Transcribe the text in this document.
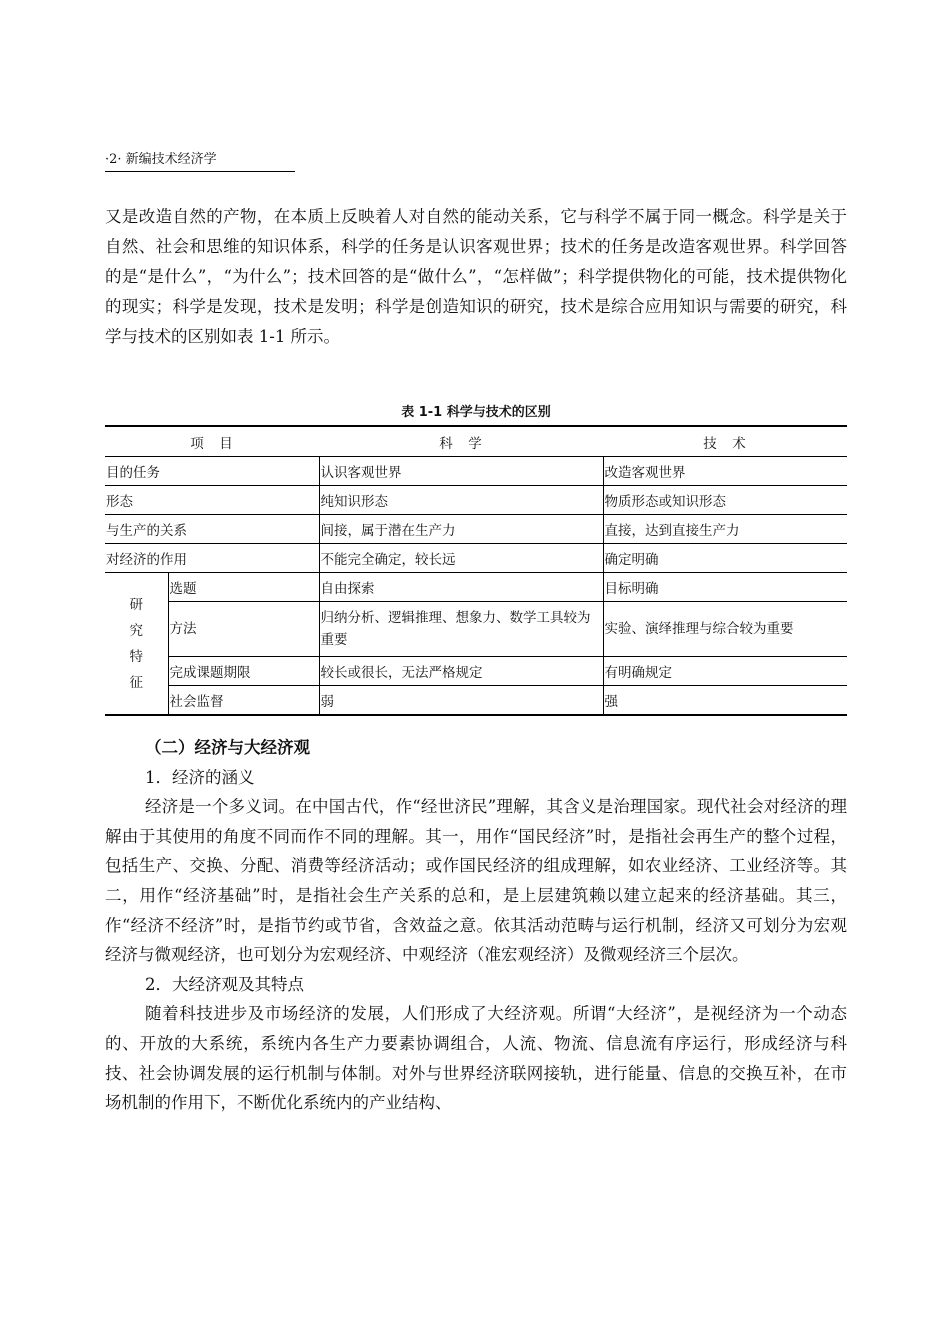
·2· 新编技术经济学

又是改造自然的产物，在本质上反映着人对自然的能动关系，它与科学不属于同一概念。科学是关于自然、社会和思维的知识体系，科学的任务是认识客观世界；技术的任务是改造客观世界。科学回答的是“是什么”，“为什么”；技术回答的是“做什么”，“怎样做”；科学提供物化的可能，技术提供物化的现实；科学是发现，技术是发明；科学是创造知识的研究，技术是综合应用知识与需要的研究，科学与技术的区别如表 1-1 所示。

表 1-1 科学与技术的区别
项　目		科　学	技　术
目的任务		认识客观世界	改造客观世界
形态		纯知识形态	物质形态或知识形态
与生产的关系		间接，属于潜在生产力	直接，达到直接生产力
对经济的作用		不能完全确定，较长远	确定明确
研
究
特
征	选题	自由探索	目标明确
	方法	归纳分析、逻辑推理、想象力、数学工具较为重要	实验、演绎推理与综合较为重要
	完成课题期限	较长或很长，无法严格规定	有明确规定
	社会监督	弱	强

（二）经济与大经济观

1．经济的涵义

经济是一个多义词。在中国古代，作“经世济民”理解，其含义是治理国家。现代社会对经济的理解由于其使用的角度不同而作不同的理解。其一，用作“国民经济”时，是指社会再生产的整个过程，包括生产、交换、分配、消费等经济活动；或作国民经济的组成理解，如农业经济、工业经济等。其二，用作“经济基础”时，是指社会生产关系的总和，是上层建筑赖以建立起来的经济基础。其三，作“经济不经济”时，是指节约或节省，含效益之意。依其活动范畴与运行机制，经济又可划分为宏观经济与微观经济，也可划分为宏观经济、中观经济（准宏观经济）及微观经济三个层次。

2．大经济观及其特点

随着科技进步及市场经济的发展，人们形成了大经济观。所谓“大经济”，是视经济为一个动态的、开放的大系统，系统内各生产力要素协调组合，人流、物流、信息流有序运行，形成经济与科技、社会协调发展的运行机制与体制。对外与世界经济联网接轨，进行能量、信息的交换互补，在市场机制的作用下，不断优化系统内的产业结构、
